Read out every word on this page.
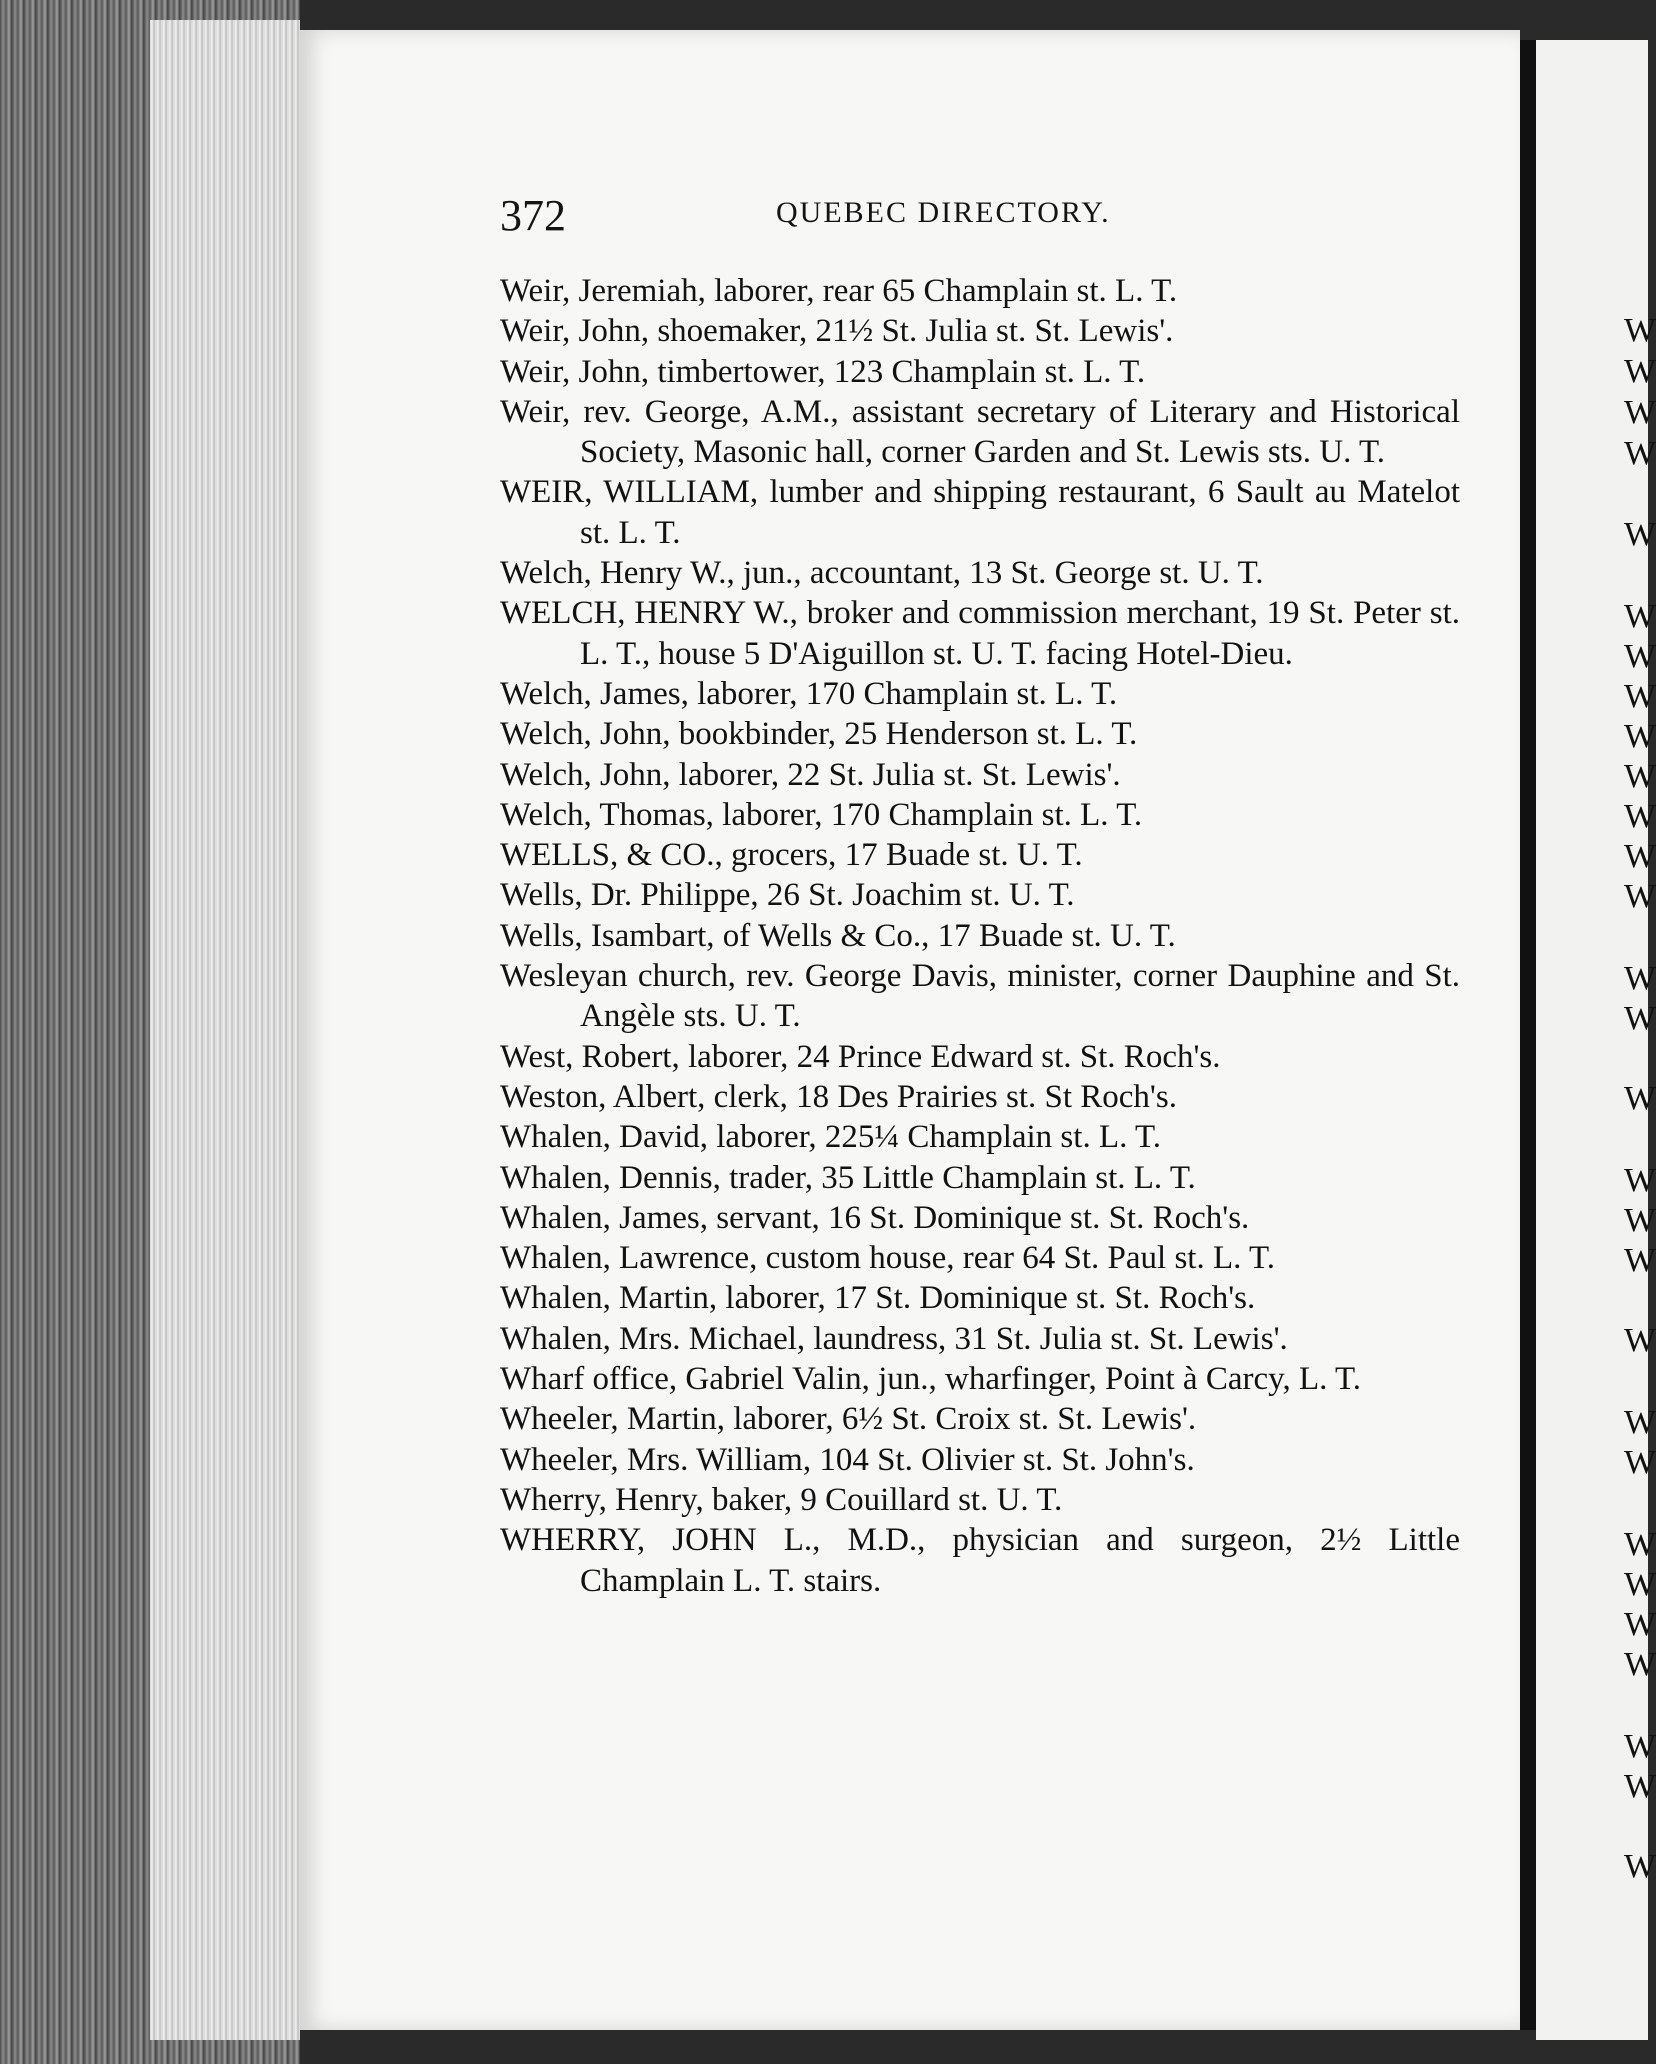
372	QUEBEC DIRECTORY.

Weir, Jeremiah, laborer, rear 65 Champlain st. L. T.

Weir, John, shoemaker, 21½ St. Julia st. St. Lewis'.

Weir, John, timbertower, 123 Champlain st. L. T.

Weir, rev. George, A.M., assistant secretary of Literary and Historical Society, Masonic hall, corner Garden and St. Lewis sts. U. T.

WEIR, WILLIAM, lumber and shipping restaurant, 6 Sault au Matelot st. L. T.

Welch, Henry W., jun., accountant, 13 St. George st. U. T.

WELCH, HENRY W., broker and commission merchant, 19 St. Peter st. L. T., house 5 D'Aiguillon st. U. T. facing Hotel-Dieu.

Welch, James, laborer, 170 Champlain st. L. T.

Welch, John, bookbinder, 25 Henderson st. L. T.

Welch, John, laborer, 22 St. Julia st. St. Lewis'.

Welch, Thomas, laborer, 170 Champlain st. L. T.

WELLS, & CO., grocers, 17 Buade st. U. T.

Wells, Dr. Philippe, 26 St. Joachim st. U. T.

Wells, Isambart, of Wells & Co., 17 Buade st. U. T.

Wesleyan church, rev. George Davis, minister, corner Dauphine and St. Angèle sts. U. T.

West, Robert, laborer, 24 Prince Edward st. St. Roch's.

Weston, Albert, clerk, 18 Des Prairies st. St Roch's.

Whalen, David, laborer, 225¼ Champlain st. L. T.

Whalen, Dennis, trader, 35 Little Champlain st. L. T.

Whalen, James, servant, 16 St. Dominique st. St. Roch's.

Whalen, Lawrence, custom house, rear 64 St. Paul st. L. T.

Whalen, Martin, laborer, 17 St. Dominique st. St. Roch's.

Whalen, Mrs. Michael, laundress, 31 St. Julia st. St. Lewis'.

Wharf office, Gabriel Valin, jun., wharfinger, Point à Carcy, L. T.

Wheeler, Martin, laborer, 6½ St. Croix st. St. Lewis'.

Wheeler, Mrs. William, 104 St. Olivier st. St. John's.

Wherry, Henry, baker, 9 Couillard st. U. T.

WHERRY, JOHN L., M.D., physician and surgeon, 2½ Little Champlain L. T. stairs.

W
W
W
W
W
W
W
W
W
W
W
W
W
W
W
W
W
W
W
W
W
W
W
W
W
W
W
W
W
